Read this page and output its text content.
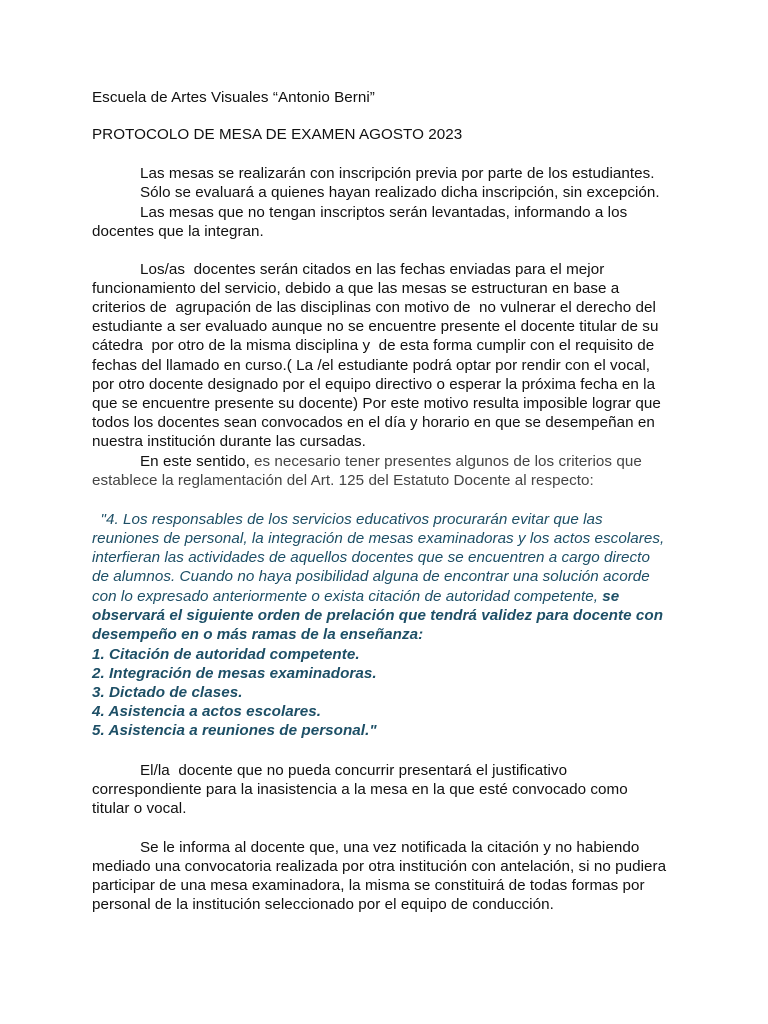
Escuela de Artes Visuales “Antonio Berni”
PROTOCOLO DE MESA DE EXAMEN AGOSTO 2023
Las mesas se realizarán con inscripción previa por parte de los estudiantes.
Sólo se evaluará a quienes hayan realizado dicha inscripción, sin excepción.
Las mesas que no tengan inscriptos serán levantadas, informando a los
docentes que la integran.
Los/as  docentes serán citados en las fechas enviadas para el mejor
funcionamiento del servicio, debido a que las mesas se estructuran en base a
criterios de  agrupación de las disciplinas con motivo de  no vulnerar el derecho del
estudiante a ser evaluado aunque no se encuentre presente el docente titular de su
cátedra  por otro de la misma disciplina y  de esta forma cumplir con el requisito de
fechas del llamado en curso.( La /el estudiante podrá optar por rendir con el vocal,
por otro docente designado por el equipo directivo o esperar la próxima fecha en la
que se encuentre presente su docente) Por este motivo resulta imposible lograr que
todos los docentes sean convocados en el día y horario en que se desempeñan en
nuestra institución durante las cursadas.
En este sentido, es necesario tener presentes algunos de los criterios que
establece la reglamentación del Art. 125 del Estatuto Docente al respecto:
"4. Los responsables de los servicios educativos procurarán evitar que las
reuniones de personal, la integración de mesas examinadoras y los actos escolares,
interfieran las actividades de aquellos docentes que se encuentren a cargo directo
de alumnos. Cuando no haya posibilidad alguna de encontrar una solución acorde
con lo expresado anteriormente o exista citación de autoridad competente, se
observará el siguiente orden de prelación que tendrá validez para docente con
desempeño en o más ramas de la enseñanza:
1. Citación de autoridad competente.
2. Integración de mesas examinadoras.
3. Dictado de clases.
4. Asistencia a actos escolares.
5. Asistencia a reuniones de personal."
El/la  docente que no pueda concurrir presentará el justificativo
correspondiente para la inasistencia a la mesa en la que esté convocado como
titular o vocal.
Se le informa al docente que, una vez notificada la citación y no habiendo
mediado una convocatoria realizada por otra institución con antelación, si no pudiera
participar de una mesa examinadora, la misma se constituirá de todas formas por
personal de la institución seleccionado por el equipo de conducción.
